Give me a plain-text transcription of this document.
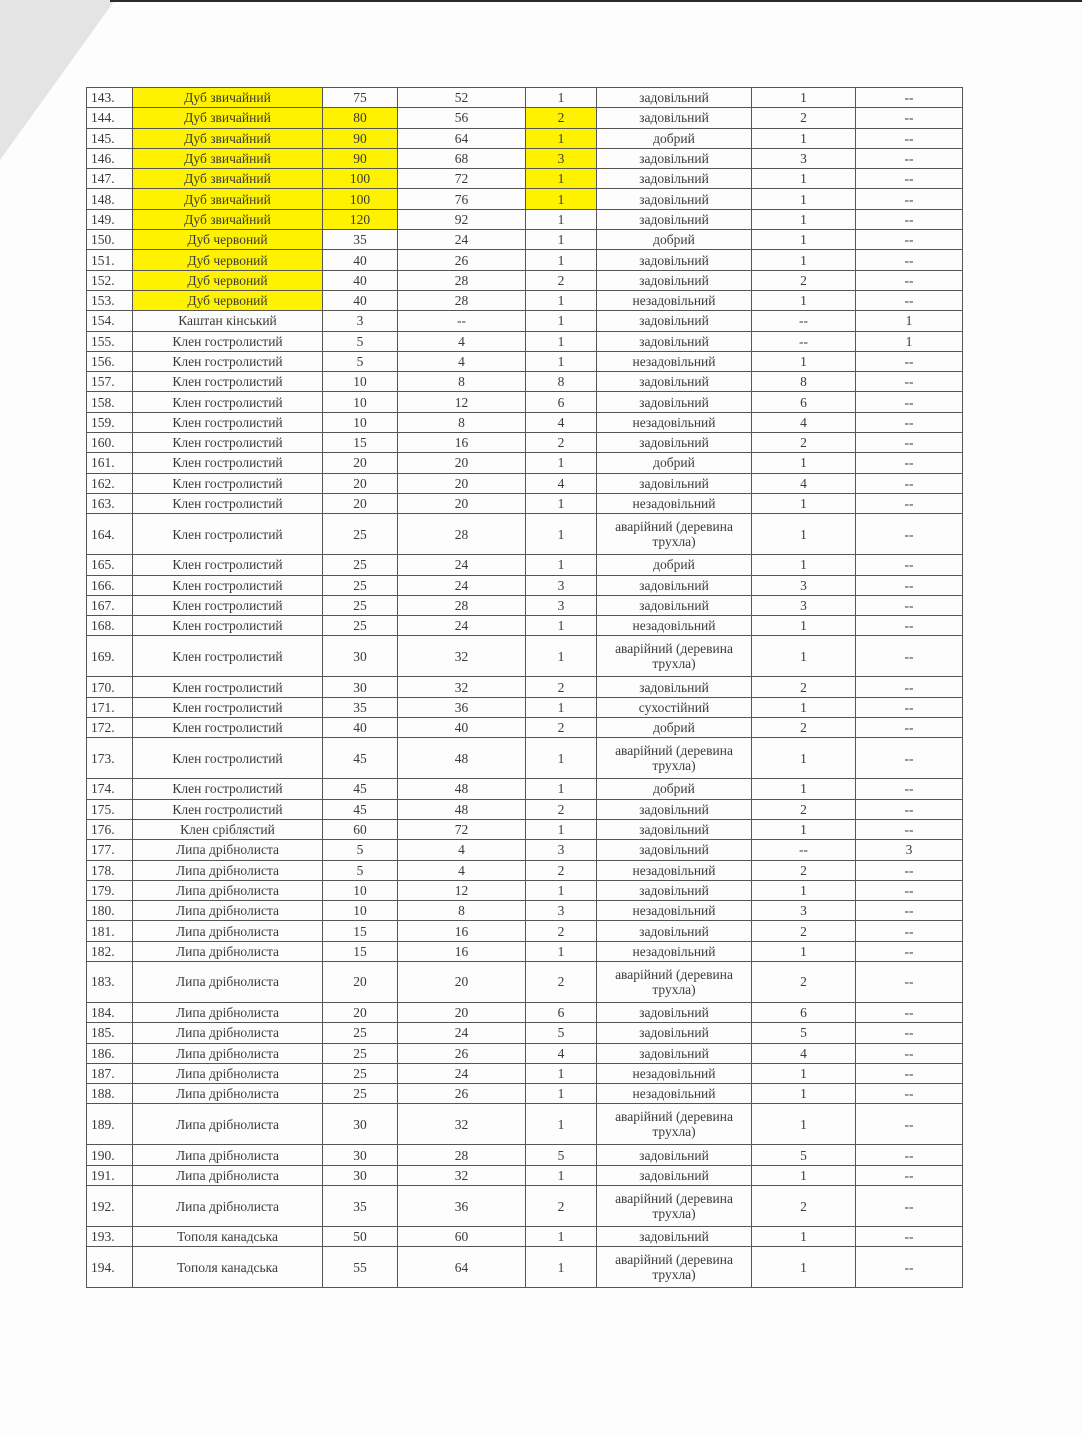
143.	Дуб звичайний	75	52	1	задовільний	1	--
144.	Дуб звичайний	80	56	2	задовільний	2	--
145.	Дуб звичайний	90	64	1	добрий	1	--
146.	Дуб звичайний	90	68	3	задовільний	3	--
147.	Дуб звичайний	100	72	1	задовільний	1	--
148.	Дуб звичайний	100	76	1	задовільний	1	--
149.	Дуб звичайний	120	92	1	задовільний	1	--
150.	Дуб червоний	35	24	1	добрий	1	--
151.	Дуб червоний	40	26	1	задовільний	1	--
152.	Дуб червоний	40	28	2	задовільний	2	--
153.	Дуб червоний	40	28	1	незадовільний	1	--
154.	Каштан кінський	3	--	1	задовільний	--	1
155.	Клен гостролистий	5	4	1	задовільний	--	1
156.	Клен гостролистий	5	4	1	незадовільний	1	--
157.	Клен гостролистий	10	8	8	задовільний	8	--
158.	Клен гостролистий	10	12	6	задовільний	6	--
159.	Клен гостролистий	10	8	4	незадовільний	4	--
160.	Клен гостролистий	15	16	2	задовільний	2	--
161.	Клен гостролистий	20	20	1	добрий	1	--
162.	Клен гостролистий	20	20	4	задовільний	4	--
163.	Клен гостролистий	20	20	1	незадовільний	1	--
164.	Клен гостролистий	25	28	1	аварійний (деревина трухла)	1	--
165.	Клен гостролистий	25	24	1	добрий	1	--
166.	Клен гостролистий	25	24	3	задовільний	3	--
167.	Клен гостролистий	25	28	3	задовільний	3	--
168.	Клен гостролистий	25	24	1	незадовільний	1	--
169.	Клен гостролистий	30	32	1	аварійний (деревина трухла)	1	--
170.	Клен гостролистий	30	32	2	задовільний	2	--
171.	Клен гостролистий	35	36	1	сухостійний	1	--
172.	Клен гостролистий	40	40	2	добрий	2	--
173.	Клен гостролистий	45	48	1	аварійний (деревина трухла)	1	--
174.	Клен гостролистий	45	48	1	добрий	1	--
175.	Клен гостролистий	45	48	2	задовільний	2	--
176.	Клен сріблястий	60	72	1	задовільний	1	--
177.	Липа дрібнолиста	5	4	3	задовільний	--	3
178.	Липа дрібнолиста	5	4	2	незадовільний	2	--
179.	Липа дрібнолиста	10	12	1	задовільний	1	--
180.	Липа дрібнолиста	10	8	3	незадовільний	3	--
181.	Липа дрібнолиста	15	16	2	задовільний	2	--
182.	Липа дрібнолиста	15	16	1	незадовільний	1	--
183.	Липа дрібнолиста	20	20	2	аварійний (деревина трухла)	2	--
184.	Липа дрібнолиста	20	20	6	задовільний	6	--
185.	Липа дрібнолиста	25	24	5	задовільний	5	--
186.	Липа дрібнолиста	25	26	4	задовільний	4	--
187.	Липа дрібнолиста	25	24	1	незадовільний	1	--
188.	Липа дрібнолиста	25	26	1	незадовільний	1	--
189.	Липа дрібнолиста	30	32	1	аварійний (деревина трухла)	1	--
190.	Липа дрібнолиста	30	28	5	задовільний	5	--
191.	Липа дрібнолиста	30	32	1	задовільний	1	--
192.	Липа дрібнолиста	35	36	2	аварійний (деревина трухла)	2	--
193.	Тополя канадська	50	60	1	задовільний	1	--
194.	Тополя канадська	55	64	1	аварійний (деревина трухла)	1	--
